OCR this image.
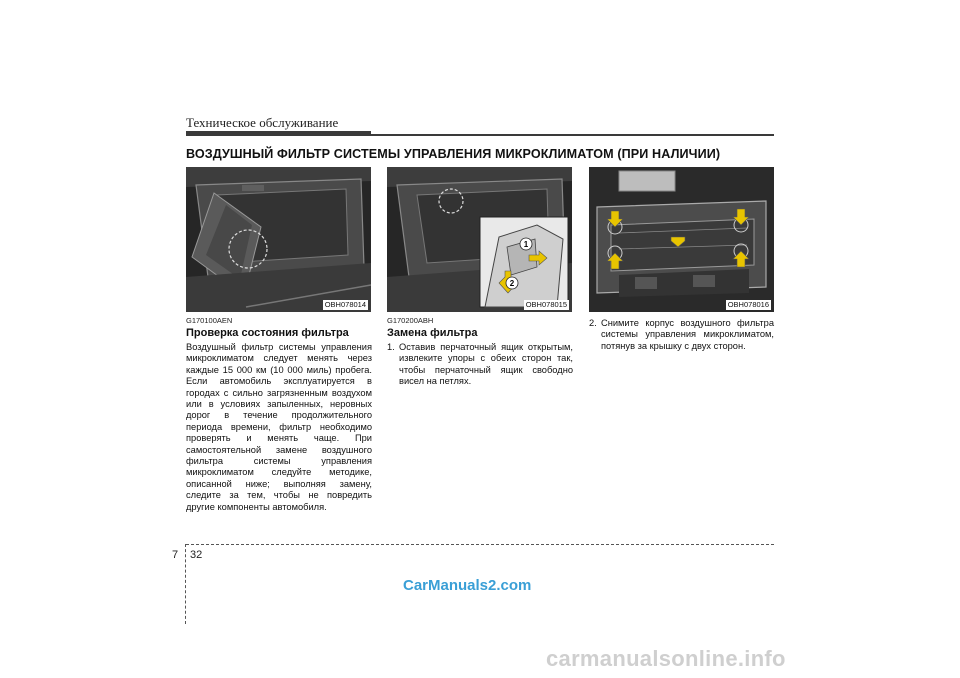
Техническое обслуживание
ВОЗДУШНЫЙ ФИЛЬТР СИСТЕМЫ УПРАВЛЕНИЯ МИКРОКЛИМАТОМ (ПРИ НАЛИЧИИ)
OBH078014
1
2
OBH078015	OBH078016
G170100AEN
Проверка состояния фильтра
Воздушный фильтр системы управления микроклиматом следует менять через каждые 15 000 км (10 000 миль) пробега. Если автомобиль эксплуатируется в городах с сильно загрязненным воздухом или в условиях запыленных, неровных дорог в течение продолжительного периода времени, фильтр необходимо проверять и менять чаще. При самостоятельной замене воздушного фильтра системы управления микроклиматом следуйте методике, описанной ниже; выполняя замену, следите за тем, чтобы не повредить другие компоненты автомобиля.
G170200ABH
Замена фильтра
1. Оставив перчаточный ящик открытым, извлеките упоры с обеих сторон так, чтобы перчаточный ящик свободно висел на петлях.
2. Снимите корпус воздушного фильтра системы управления микроклиматом, потянув за крышку с двух сторон.
7 32
CarManuals2.com
carmanualsonline.info
